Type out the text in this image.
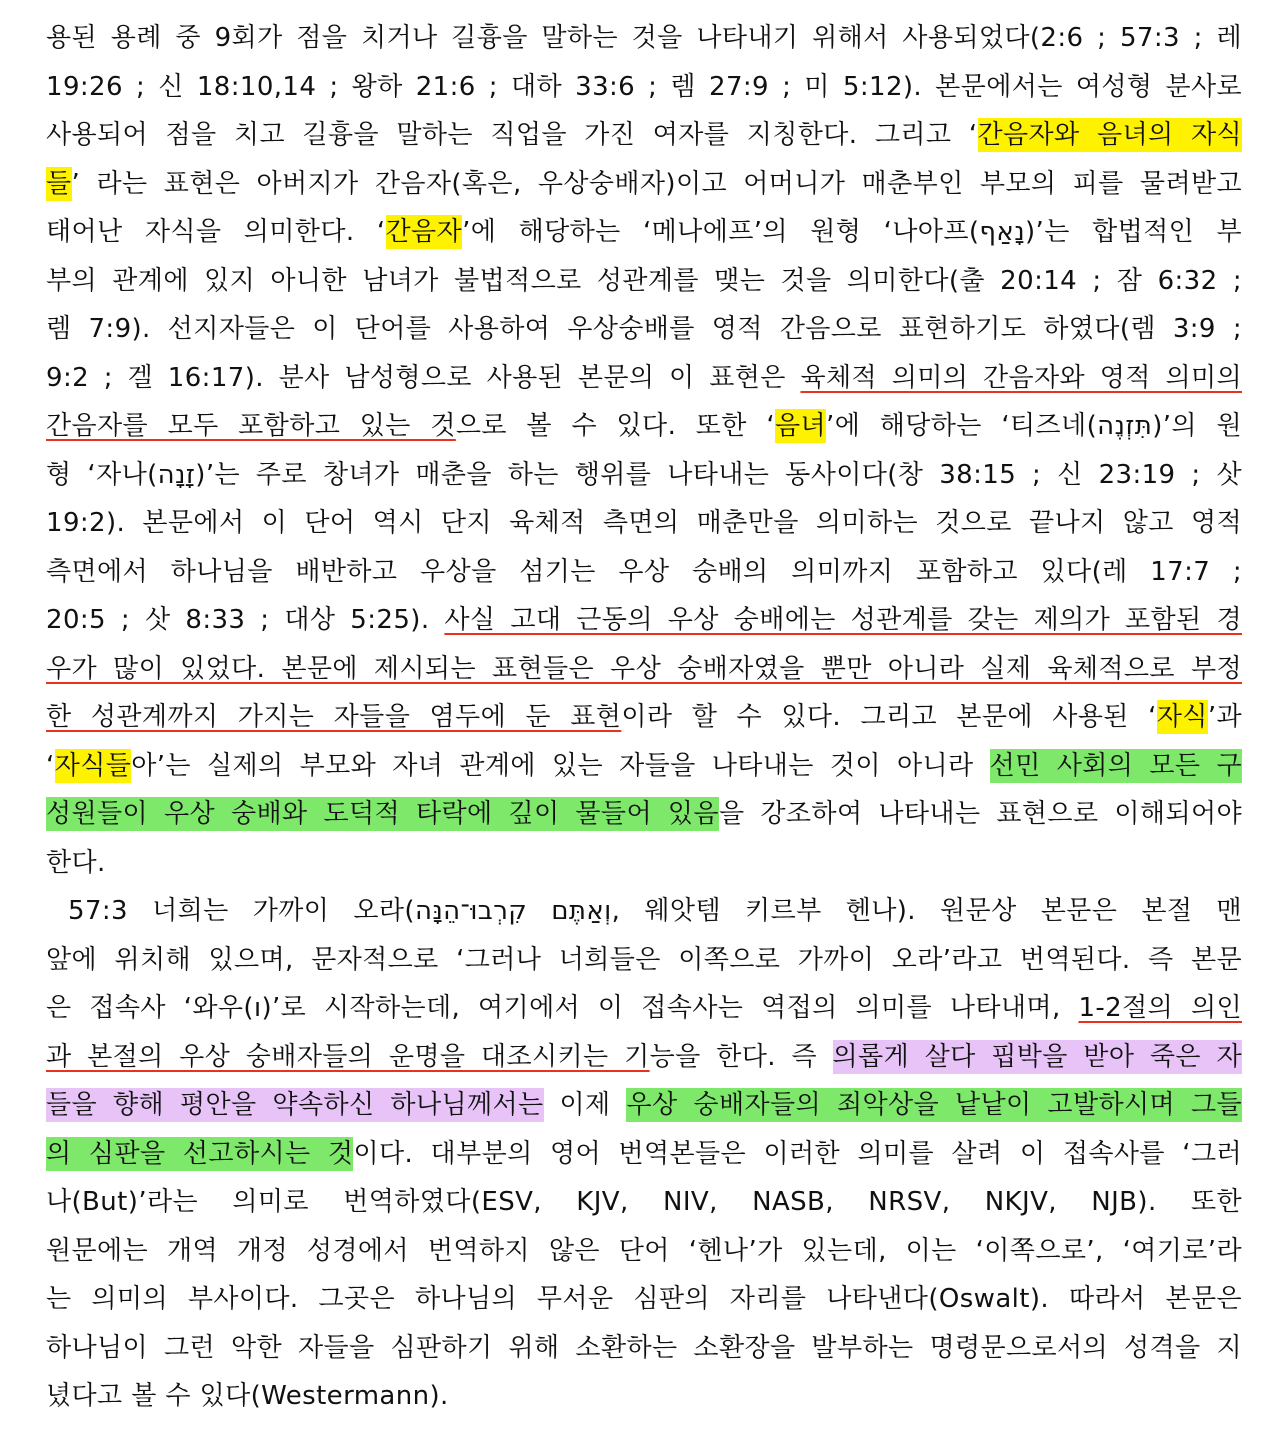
용된 용례 중 9회가 점을 치거나 길흉을 말하는 것을 나타내기 위해서 사용되었다(2:6 ; 57:3 ; 레
19:26 ; 신 18:10,14 ; 왕하 21:6 ; 대하 33:6 ; 렘 27:9 ; 미 5:12). 본문에서는 여성형 분사로
사용되어 점을 치고 길흉을 말하는 직업을 가진 여자를 지칭한다. 그리고 ‘간음자와 음녀의 자식
들’ 라는 표현은 아버지가 간음자(혹은, 우상숭배자)이고 어머니가 매춘부인 부모의 피를 물려받고
태어난 자식을 의미한다. ‘간음자’에 해당하는 ‘메나에프’의 원형 ‘나아프(נָאַף)’는 합법적인 부
부의 관계에 있지 아니한 남녀가 불법적으로 성관계를 맺는 것을 의미한다(출 20:14 ; 잠 6:32 ;
렘 7:9). 선지자들은 이 단어를 사용하여 우상숭배를 영적 간음으로 표현하기도 하였다(렘 3:9 ;
9:2 ; 겔 16:17). 분사 남성형으로 사용된 본문의 이 표현은 육체적 의미의 간음자와 영적 의미의
간음자를 모두 포함하고 있는 것으로 볼 수 있다. 또한 ‘음녀’에 해당하는 ‘티즈네(תִּזְנֶה)’의 원
형 ‘자나(זָנָה)’는 주로 창녀가 매춘을 하는 행위를 나타내는 동사이다(창 38:15 ; 신 23:19 ; 삿
19:2). 본문에서 이 단어 역시 단지 육체적 측면의 매춘만을 의미하는 것으로 끝나지 않고 영적
측면에서 하나님을 배반하고 우상을 섬기는 우상 숭배의 의미까지 포함하고 있다(레 17:7 ;
20:5 ; 삿 8:33 ; 대상 5:25). 사실 고대 근동의 우상 숭배에는 성관계를 갖는 제의가 포함된 경
우가 많이 있었다. 본문에 제시되는 표현들은 우상 숭배자였을 뿐만 아니라 실제 육체적으로 부정
한 성관계까지 가지는 자들을 염두에 둔 표현이라 할 수 있다. 그리고 본문에 사용된 ‘자식’과
‘자식들아’는 실제의 부모와 자녀 관계에 있는 자들을 나타내는 것이 아니라 선민 사회의 모든 구
성원들이 우상 숭배와 도덕적 타락에 깊이 물들어 있음을 강조하여 나타내는 표현으로 이해되어야
한다.
57:3 너희는 가까이 오라(וְאַתֶּם קִרְבוּ־הֵנָּה, 웨앗템 키르부 헨나). 원문상 본문은 본절 맨
앞에 위치해 있으며, 문자적으로 ‘그러나 너희들은 이쪽으로 가까이 오라’라고 번역된다. 즉 본문
은 접속사 ‘와우(ו)’로 시작하는데, 여기에서 이 접속사는 역접의 의미를 나타내며, 1-2절의 의인
과 본절의 우상 숭배자들의 운명을 대조시키는 기능을 한다. 즉 의롭게 살다 핍박을 받아 죽은 자
들을 향해 평안을 약속하신 하나님께서는 이제 우상 숭배자들의 죄악상을 낱낱이 고발하시며 그들
의 심판을 선고하시는 것이다. 대부분의 영어 번역본들은 이러한 의미를 살려 이 접속사를 ‘그러
나(But)’라는 의미로 번역하였다(ESV, KJV, NIV, NASB, NRSV, NKJV, NJB). 또한
원문에는 개역 개정 성경에서 번역하지 않은 단어 ‘헨나’가 있는데, 이는 ‘이쪽으로’, ‘여기로’라
는 의미의 부사이다. 그곳은 하나님의 무서운 심판의 자리를 나타낸다(Oswalt). 따라서 본문은
하나님이 그런 악한 자들을 심판하기 위해 소환하는 소환장을 발부하는 명령문으로서의 성격을 지
녔다고 볼 수 있다(Westermann).
